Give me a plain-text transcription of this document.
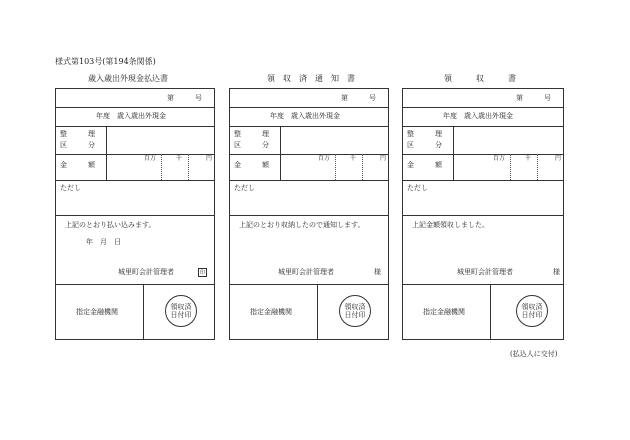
様式第103号(第194条関係)
歳入歳出外現金払込書
第　　　号
年度　歳入歳出外現金
整　　　理
区　　　分
金　　　額
百万	千	円
ただし
上記のとおり払い込みます。
年　月　日
城里町会計管理者	印
指定金融機関
領収済
日付印
領　収　済　通　知　書
第　　　号
年度　歳入歳出外現金
整　　　理
区　　　分
金　　　額
百万	千	円
ただし
上記のとおり収納したので通知します。
城里町会計管理者	様
指定金融機関
領収済
日付印
領　　　収　　　書
第　　　号
年度　歳入歳出外現金
整　　　理
区　　　分
金　　　額
百万	千	円
ただし
上記金額領収しました。
城里町会計管理者	様
指定金融機関
領収済
日付印
(払込人に交付)
